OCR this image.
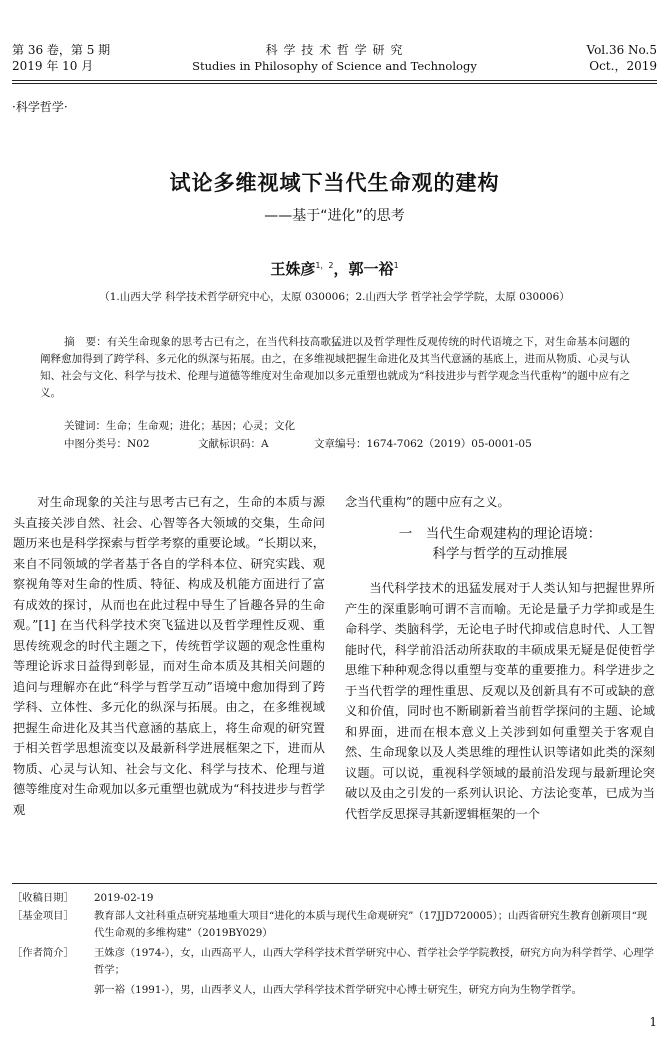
第 36 卷，第 5 期
2019 年 10 月
科 学 技 术 哲 学 研 究
Studies in Philosophy of Science and Technology
Vol.36 No.5
Oct.，2019
·科学哲学·
试论多维视域下当代生命观的建构
——基于“进化”的思考
王姝彦$^{1,2}$，郭一裕$^1$
（1.山西大学 科学技术哲学研究中心，太原 030006；2.山西大学 哲学社会学学院，太原 030006）
摘　要：有关生命现象的思考古已有之，在当代科技高歌猛进以及哲学理性反观传统的时代语境之下，对生命基本问题的阐释愈加得到了跨学科、多元化的纵深与拓展。由之，在多维视域把握生命进化及其当代意涵的基底上，进而从物质、心灵与认知、社会与文化、科学与技术、伦理与道德等维度对生命观加以多元重塑也就成为“科技进步与哲学观念当代重构”的题中应有之义。
关键词：生命；生命观；进化；基因；心灵；文化
中图分类号：N02	文献标识码：A	文章编号：1674-7062（2019）05-0001-05
对生命现象的关注与思考古已有之，生命的本质与源头直接关涉自然、社会、心智等各大领域的交集，生命问题历来也是科学探索与哲学考察的重要论域。“长期以来，来自不同领域的学者基于各自的学科本位、研究实践、观察视角等对生命的性质、特征、构成及机能方面进行了富有成效的探讨，从而也在此过程中导生了旨趣各异的生命观。”[1] 在当代科学技术突飞猛进以及哲学理性反观、重思传统观念的时代主题之下，传统哲学议题的观念性重构等理论诉求日益得到彰显，而对生命本质及其相关问题的追问与理解亦在此“科学与哲学互动”语境中愈加得到了跨学科、立体性、多元化的纵深与拓展。由之，在多维视域把握生命进化及其当代意涵的基底上，将生命观的研究置于相关哲学思想流变以及最新科学进展框架之下，进而从物质、心灵与认知、社会与文化、科学与技术、伦理与道德等维度对生命观加以多元重塑也就成为“科技进步与哲学观
念当代重构”的题中应有之义。
一　当代生命观建构的理论语境：
科学与哲学的互动推展
当代科学技术的迅猛发展对于人类认知与把握世界所产生的深重影响可谓不言而喻。无论是量子力学抑或是生命科学、类脑科学，无论电子时代抑或信息时代、人工智能时代，科学前沿活动所获取的丰硕成果无疑是促使哲学思维下种种观念得以重塑与变革的重要推力。科学进步之于当代哲学的理性重思、反观以及创新具有不可或缺的意义和价值，同时也不断刷新着当前哲学探问的主题、论域和界面，进而在根本意义上关涉到如何重塑关于客观自然、生命现象以及人类思维的理性认识等诸如此类的深刻议题。可以说，重视科学领域的最前沿发现与最新理论突破以及由之引发的一系列认识论、方法论变革，已成为当代哲学反思探寻其新逻辑框架的一个
［收稿日期］	2019-02-19
［基金项目］	教育部人文社科重点研究基地重大项目“进化的本质与现代生命观研究”（17JJD720005）；山西省研究生教育创新项目“现代生命观的多维构建”（2019BY029）
［作者简介］	王姝彦（1974-），女，山西高平人，山西大学科学技术哲学研究中心、哲学社会学学院教授，研究方向为科学哲学、心理学哲学；
郭一裕（1991-），男，山西孝义人，山西大学科学技术哲学研究中心博士研究生，研究方向为生物学哲学。
1
